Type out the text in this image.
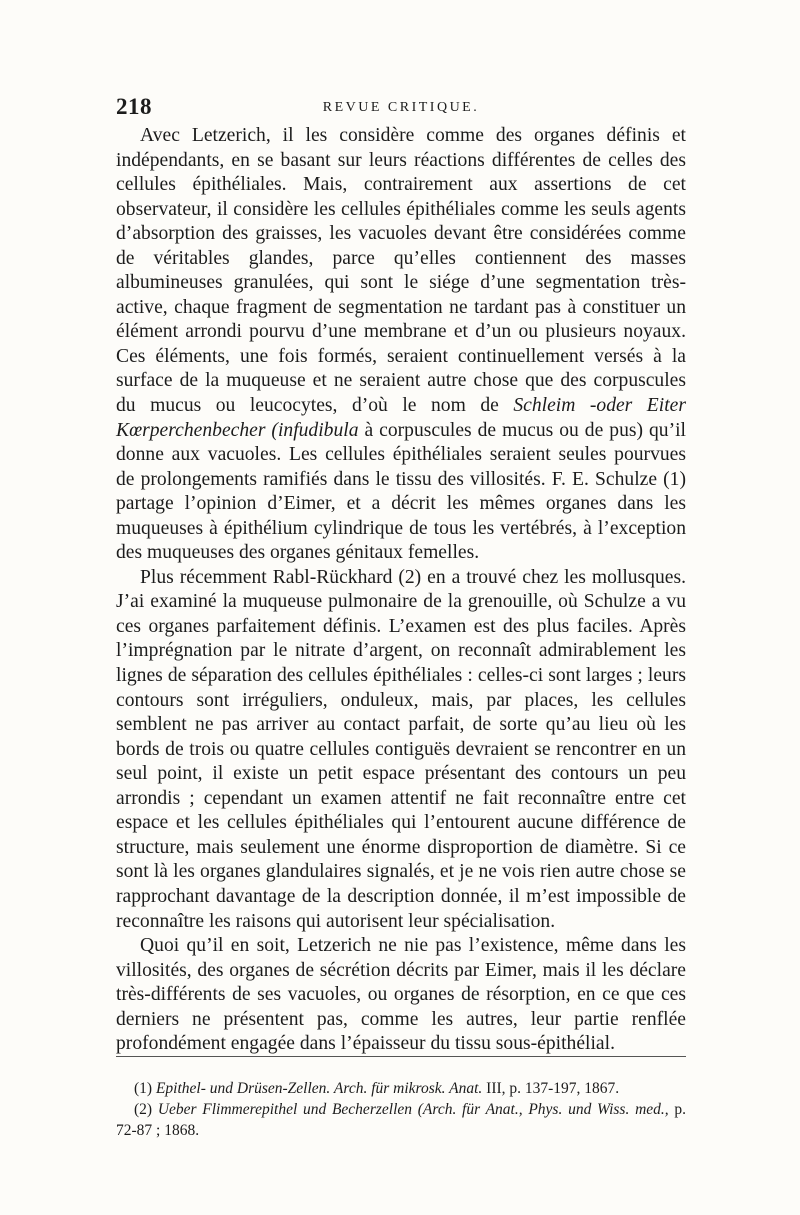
218	REVUE CRITIQUE.

Avec Letzerich, il les considère comme des organes définis et indépendants, en se basant sur leurs réactions différentes de celles des cellules épithéliales. Mais, contrairement aux assertions de cet observateur, il considère les cellules épithéliales comme les seuls agents d’absorption des graisses, les vacuoles devant être considérées comme de véritables glandes, parce qu’elles contiennent des masses albumineuses granulées, qui sont le siége d’une segmentation très-active, chaque fragment de segmentation ne tardant pas à constituer un élément arrondi pourvu d’une membrane et d’un ou plusieurs noyaux. Ces éléments, une fois formés, seraient continuellement versés à la surface de la muqueuse et ne seraient autre chose que des corpuscules du mucus ou leucocytes, d’où le nom de Schleim -oder Eiter Kœrperchenbecher (infudibula à corpuscules de mucus ou de pus) qu’il donne aux vacuoles. Les cellules épithéliales seraient seules pourvues de prolongements ramifiés dans le tissu des villosités. F. E. Schulze (1) partage l’opinion d’Eimer, et a décrit les mêmes organes dans les muqueuses à épithélium cylindrique de tous les vertébrés, à l’exception des muqueuses des organes génitaux femelles.

Plus récemment Rabl-Rückhard (2) en a trouvé chez les mollusques. J’ai examiné la muqueuse pulmonaire de la grenouille, où Schulze a vu ces organes parfaitement définis. L’examen est des plus faciles. Après l’imprégnation par le nitrate d’argent, on reconnaît admirablement les lignes de séparation des cellules épithéliales : celles-ci sont larges ; leurs contours sont irréguliers, onduleux, mais, par places, les cellules semblent ne pas arriver au contact parfait, de sorte qu’au lieu où les bords de trois ou quatre cellules contiguës devraient se rencontrer en un seul point, il existe un petit espace présentant des contours un peu arrondis ; cependant un examen attentif ne fait reconnaître entre cet espace et les cellules épithéliales qui l’entourent aucune différence de structure, mais seulement une énorme disproportion de diamètre. Si ce sont là les organes glandulaires signalés, et je ne vois rien autre chose se rapprochant davantage de la description donnée, il m’est impossible de reconnaître les raisons qui autorisent leur spécialisation.

Quoi qu’il en soit, Letzerich ne nie pas l’existence, même dans les villosités, des organes de sécrétion décrits par Eimer, mais il les déclare très-différents de ses vacuoles, ou organes de résorption, en ce que ces derniers ne présentent pas, comme les autres, leur partie renflée profondément engagée dans l’épaisseur du tissu sous-épithélial.

(1) Epithel- und Drüsen-Zellen. Arch. für mikrosk. Anat. III, p. 137-197, 1867.

(2) Ueber Flimmerepithel und Becherzellen (Arch. für Anat., Phys. und Wiss. med., p. 72-87 ; 1868.
